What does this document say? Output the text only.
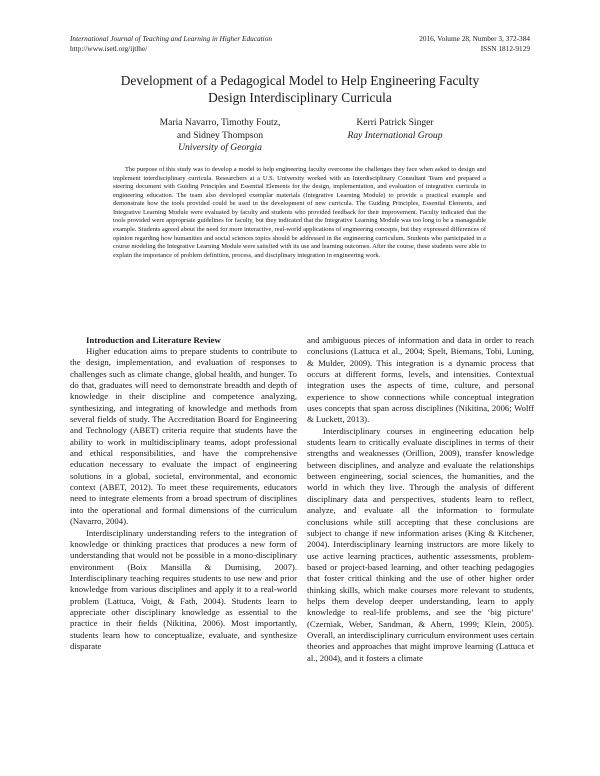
International Journal of Teaching and Learning in Higher Education
http://www.isetl.org/ijtlhe/
2016, Volume 28, Number 3, 372-384
ISSN 1812-9129
Development of a Pedagogical Model to Help Engineering Faculty
Design Interdisciplinary Curricula
Maria Navarro, Timothy Foutz,
and Sidney Thompson
University of Georgia
Kerri Patrick Singer
Ray International Group

The purpose of this study was to develop a model to help engineering faculty overcome the challenges they face when asked to design and implement interdisciplinary curricula. Researchers at a U.S. University worked with an Interdisciplinary Consultant Team and prepared a steering document with Guiding Principles and Essential Elements for the design, implementation, and evaluation of integrative curricula in engineering education. The team also developed exemplar materials (Integrative Learning Module) to provide a practical example and demonstrate how the tools provided could be used in the development of new curricula. The Guiding Principles, Essential Elements, and Integrative Learning Module were evaluated by faculty and students who provided feedback for their improvement. Faculty indicated that the tools provided were appropriate guidelines for faculty, but they indicated that the Integrative Learning Module was too long to be a manageable example. Students agreed about the need for more interactive, real-world applications of engineering concepts, but they expressed differences of opinion regarding how humanities and social sciences topics should be addressed in the engineering curriculum. Students who participated in a course modeling the Integrative Learning Module were satisfied with its use and learning outcomes. After the course, these students were able to explain the importance of problem definition, process, and disciplinary integration in engineering work.

Introduction and Literature Review

Higher education aims to prepare students to contribute to the design, implementation, and evaluation of responses to challenges such as climate change, global health, and hunger. To do that, graduates will need to demonstrate breadth and depth of knowledge in their discipline and competence analyzing, synthesizing, and integrating of knowledge and methods from several fields of study. The Accreditation Board for Engineering and Technology (ABET) criteria require that students have the ability to work in multidisciplinary teams, adopt professional and ethical responsibilities, and have the comprehensive education necessary to evaluate the impact of engineering solutions in a global, societal, environmental, and economic context (ABET, 2012). To meet these requirements, educators need to integrate elements from a broad spectrum of disciplines into the operational and formal dimensions of the curriculum (Navarro, 2004).

Interdisciplinary understanding refers to the integration of knowledge or thinking practices that produces a new form of understanding that would not be possible in a mono-disciplinary environment (Boix Mansilla & Dumising, 2007). Interdisciplinary teaching requires students to use new and prior knowledge from various disciplines and apply it to a real-world problem (Lattuca, Voigt, & Fath, 2004). Students learn to appreciate other disciplinary knowledge as essential to the practice in their fields (Nikitina, 2006). Most importantly, students learn how to conceptualize, evaluate, and synthesize disparate

and ambiguous pieces of information and data in order to reach conclusions (Lattuca et al., 2004; Spelt, Biemans, Tobi, Luning, & Mulder, 2009). This integration is a dynamic process that occurs at different forms, levels, and intensities. Contextual integration uses the aspects of time, culture, and personal experience to show connections while conceptual integration uses concepts that span across disciplines (Nikitina, 2006; Wolff & Luckett, 2013).

Interdisciplinary courses in engineering education help students learn to critically evaluate disciplines in terms of their strengths and weaknesses (Orillion, 2009), transfer knowledge between disciplines, and analyze and evaluate the relationships between engineering, social sciences, the humanities, and the world in which they live. Through the analysis of different disciplinary data and perspectives, students learn to reflect, analyze, and evaluate all the information to formulate conclusions while still accepting that these conclusions are subject to change if new information arises (King & Kitchener, 2004). Interdisciplinary learning instructors are more likely to use active learning practices, authentic assessments, problem-based or project-based learning, and other teaching pedagogies that foster critical thinking and the use of other higher order thinking skills, which make courses more relevant to students, helps them develop deeper understanding, learn to apply knowledge to real-life problems, and see the ‘big picture’ (Czerniak, Weber, Sandman, & Ahern, 1999; Klein, 2005). Overall, an interdisciplinary curriculum environment uses certain theories and approaches that might improve learning (Lattuca et al., 2004), and it fosters a climate
